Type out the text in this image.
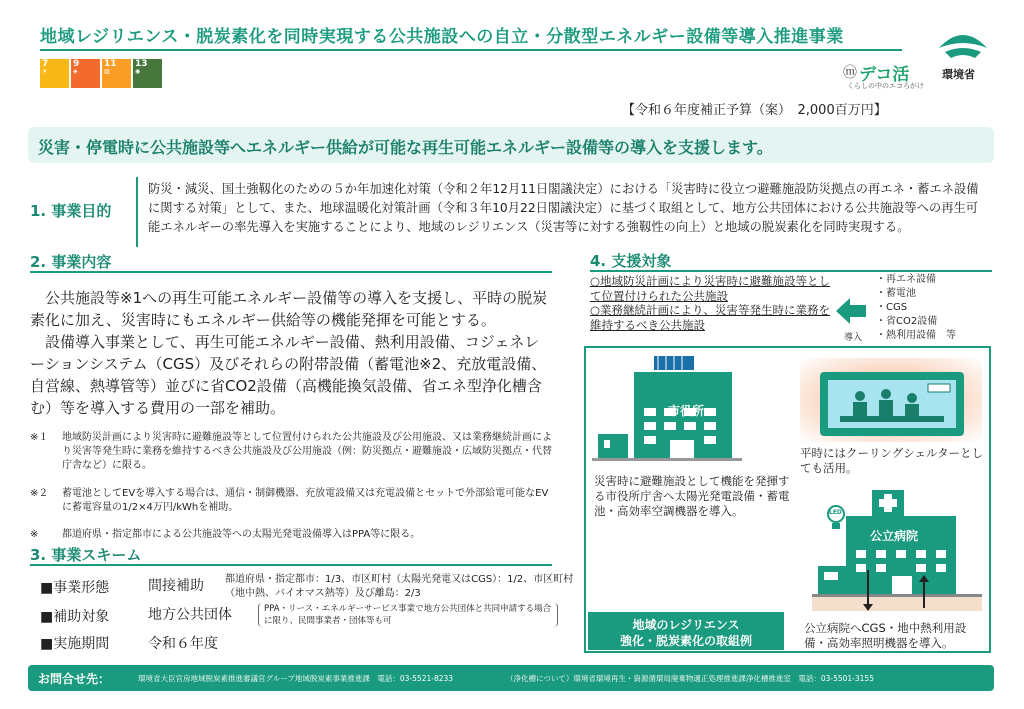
地域レジリエンス・脱炭素化を同時実現する公共施設への自立・分散型エネルギー設備等導入推進事業
7
☀
9
◈
11
▥
13
◉	ⓜ デコ活
くらしの中のエコろがけ
環境省
【令和６年度補正予算（案）　2,000百万円】
災害・停電時に公共施設等へエネルギー供給が可能な再生可能エネルギー設備等の導入を支援します。
1. 事業目的
防災・減災、国土強靱化のための５か年加速化対策（令和２年12月11日閣議決定）における「災害時に役立つ避難施設防災拠点の再エネ・蓄エネ設備に関する対策」として、また、地球温暖化対策計画（令和３年10月22日閣議決定）に基づく取組として、地方公共団体における公共施設等への再生可能エネルギーの率先導入を実施することにより、地域のレジリエンス（災害等に対する強靱性の向上）と地域の脱炭素化を同時実現する。
2. 事業内容
公共施設等※1への再生可能エネルギー設備等の導入を支援し、平時の脱炭素化に加え、災害時にもエネルギー供給等の機能発揮を可能とする。
設備導入事業として、再生可能エネルギー設備、熱利用設備、コジェネレーションシステム（CGS）及びそれらの附帯設備（蓄電池※2、充放電設備、自営線、熱導管等）並びに省CO2設備（高機能換気設備、省エネ型浄化槽含む）等を導入する費用の一部を補助。
※１ 地域防災計画により災害時に避難施設等として位置付けられた公共施設及び公用施設、又は業務継続計画により災害等発生時に業務を維持するべき公共施設及び公用施設（例：防災拠点・避難施設・広域防災拠点・代替庁舎など）に限る。
※２ 蓄電池としてEVを導入する場合は、通信・制御機器、充放電設備又は充電設備とセットで外部給電可能なEVに蓄電容量の1/2×4万円/kWhを補助。
※ 都道府県・指定都市による公共施設等への太陽光発電設備導入はPPA等に限る。
3. 事業スキーム
■事業形態	間接補助 都道府県・指定都市：1/3、市区町村（太陽光発電又はCGS）：1/2、市区町村（地中熱、バイオマス熱等）及び離島：2/3
■補助対象	地方公共団体	PPA・リース・エネルギーサービス事業で地方公共団体と共同申請する場合に限り、民間事業者・団体等も可
■実施期間	令和６年度
4. 支援対象
○地域防災計画により災害時に避難施設等として位置付けられた公共施設
○業務継続計画により、災害等発生時に業務を維持するべき公共施設
導入
・再エネ設備
・蓄電池
・CGS
・省CO2設備
・熱利用設備　等
市役所
災害時に避難施設として機能を発揮する市役所庁舎へ太陽光発電設備・蓄電池・高効率空調機器を導入。
平時にはクーリングシェルターとしても活用。
LED
公立病院
公立病院へCGS・地中熱利用設備・高効率照明機器を導入。
地域のレジリエンス
強化・脱炭素化の取組例
お問合せ先：	環境省大臣官房地域脱炭素推進審議官グループ地域脱炭素事業推進課　電話：03-5521-8233	（浄化槽について）環境省環境再生・資源循環局廃棄物適正処理推進課浄化槽推進室　電話：03-5501-3155
